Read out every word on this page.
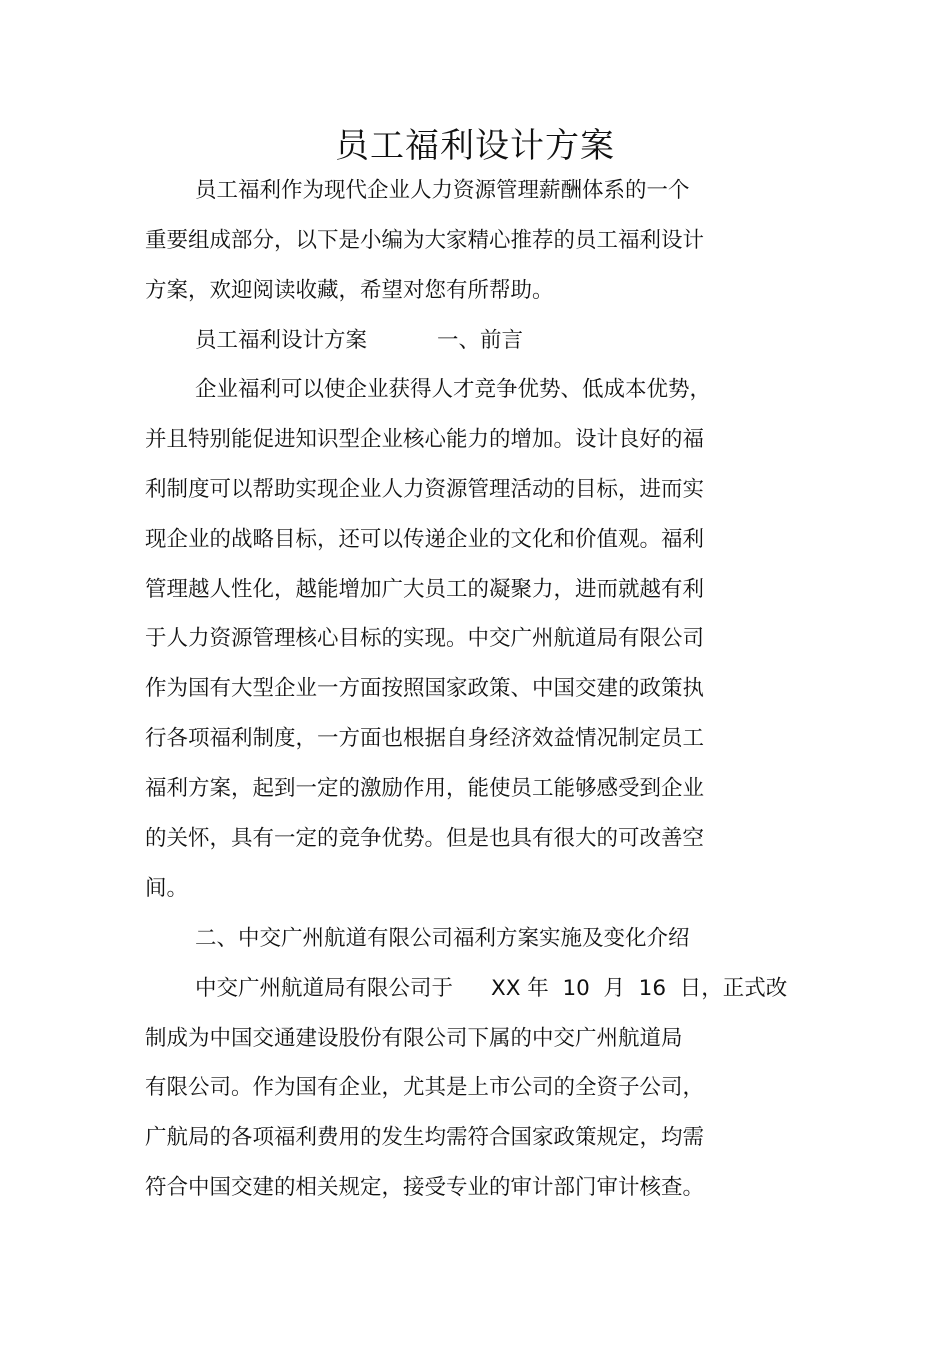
员工福利设计方案
员工福利作为现代企业人力资源管理薪酬体系的一个
重要组成部分，以下是小编为大家精心推荐的员工福利设计
方案，欢迎阅读收藏，希望对您有所帮助。
员工福利设计方案	一、前言
企业福利可以使企业获得人才竞争优势、低成本优势，
并且特别能促进知识型企业核心能力的增加。设计良好的福
利制度可以帮助实现企业人力资源管理活动的目标，进而实
现企业的战略目标，还可以传递企业的文化和价值观。福利
管理越人性化，越能增加广大员工的凝聚力，进而就越有利
于人力资源管理核心目标的实现。中交广州航道局有限公司
作为国有大型企业一方面按照国家政策、中国交建的政策执
行各项福利制度，一方面也根据自身经济效益情况制定员工
福利方案，起到一定的激励作用，能使员工能够感受到企业
的关怀，具有一定的竞争优势。但是也具有很大的可改善空
间。
二、中交广州航道有限公司福利方案实施及变化介绍
中交广州航道局有限公司于 XX 年  10  月  16  日，正式改
制成为中国交通建设股份有限公司下属的中交广州航道局
有限公司。作为国有企业，尤其是上市公司的全资子公司，
广航局的各项福利费用的发生均需符合国家政策规定，均需
符合中国交建的相关规定，接受专业的审计部门审计核查。
